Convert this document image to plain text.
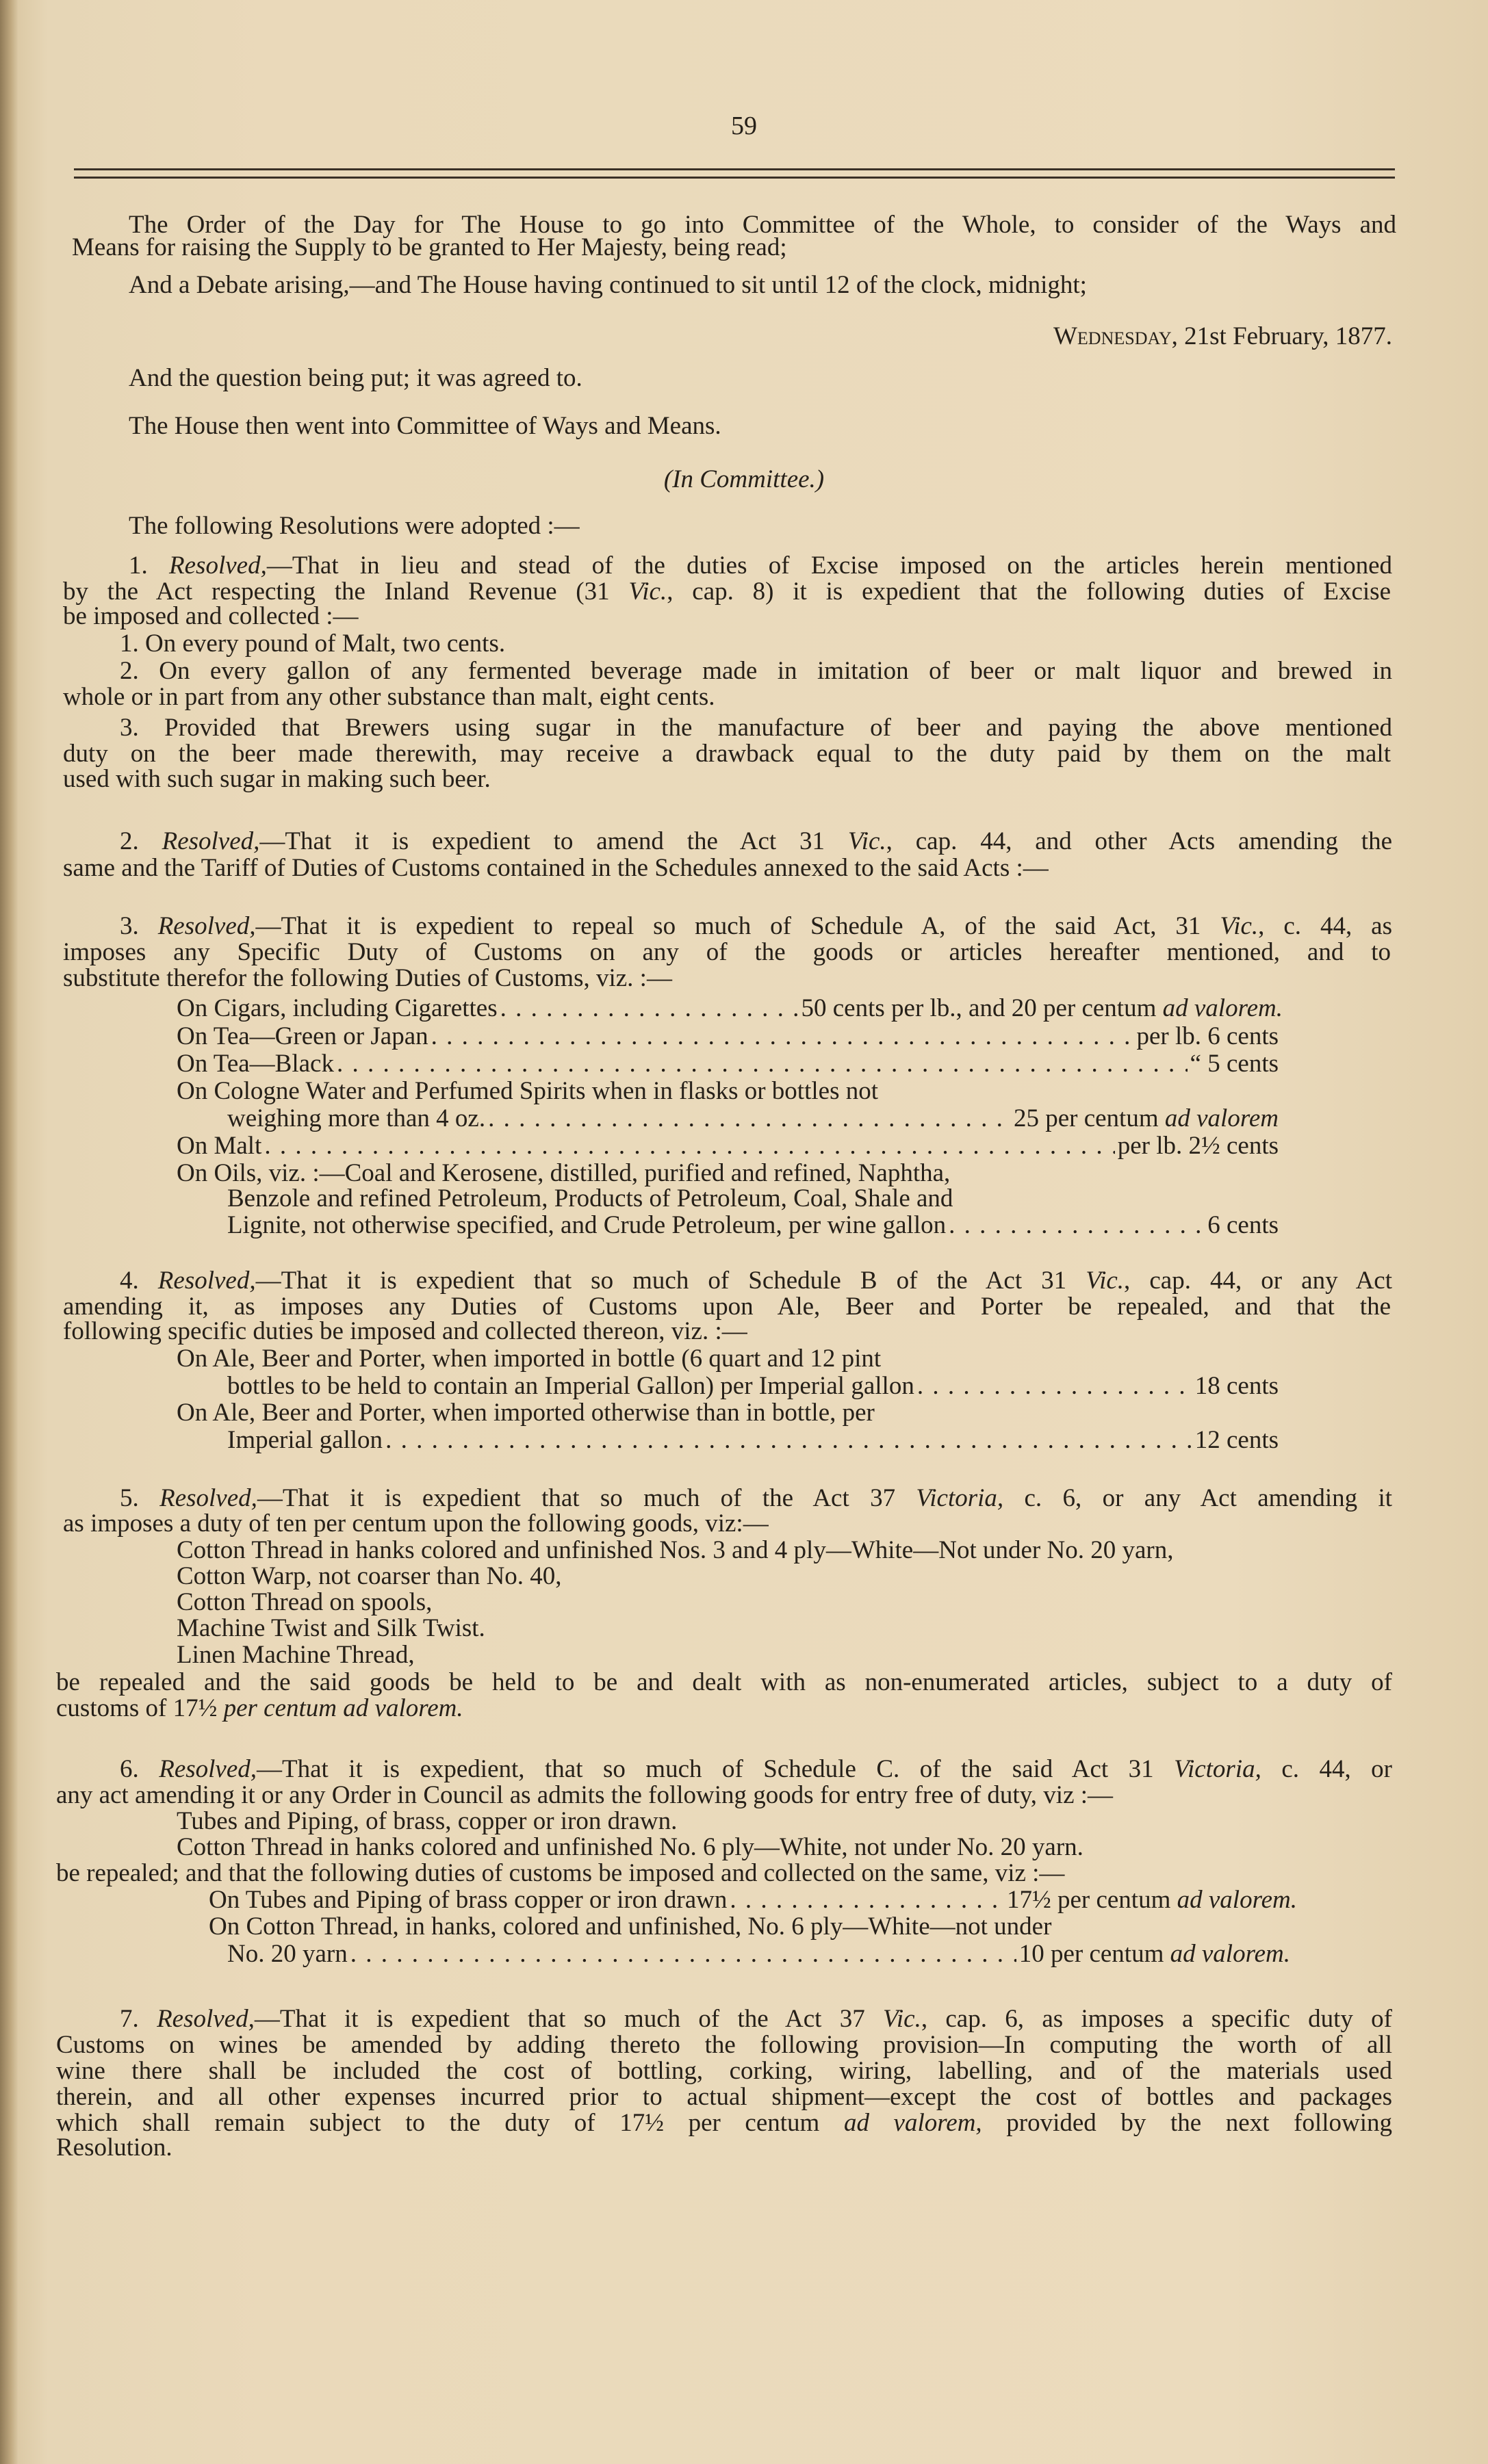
59
The Order of the Day for The House to go into Committee of the Whole, to consider of the Ways and
Means for raising the Supply to be granted to Her Majesty, being read;
And a Debate arising,—and The House having continued to sit until 12 of the clock, midnight;
Wednesday, 21st February, 1877.
And the question being put; it was agreed to.
The House then went into Committee of Ways and Means.
(In Committee.)
The following Resolutions were adopted :—
1. Resolved,—That in lieu and stead of the duties of Excise imposed on the articles herein mentioned
by the Act respecting the Inland Revenue (31 Vic., cap. 8) it is expedient that the following duties of Excise
be imposed and collected :—
1. On every pound of Malt, two cents.
2. On every gallon of any fermented beverage made in imitation of beer or malt liquor and brewed in
whole or in part from any other substance than malt, eight cents.
3. Provided that Brewers using sugar in the manufacture of beer and paying the above mentioned
duty on the beer made therewith, may receive a drawback equal to the duty paid by them on the malt
used with such sugar in making such beer.
2. Resolved,—That it is expedient to amend the Act 31 Vic., cap. 44, and other Acts amending the
same and the Tariff of Duties of Customs contained in the Schedules annexed to the said Acts :—
3. Resolved,—That it is expedient to repeal so much of Schedule A, of the said Act, 31 Vic., c. 44, as
imposes any Specific Duty of Customs on any of the goods or articles hereafter mentioned, and to
substitute therefor the following Duties of Customs, viz. :—
On Cigars, including Cigarettes . . .	50 cents per lb., and 20 per centum ad valorem.
On Tea—Green or Japan . . .	per lb. 6 cents
On Tea—Black . . .	“ 5 cents
On Cologne Water and Perfumed Spirits when in flasks or bottles not
weighing more than 4 oz. . . .	25 per centum ad valorem
On Malt . . .	per lb. 2½ cents
On Oils, viz. :—Coal and Kerosene, distilled, purified and refined, Naphtha,
Benzole and refined Petroleum, Products of Petroleum, Coal, Shale and
Lignite, not otherwise specified, and Crude Petroleum, per wine gallon . . .	6 cents
4. Resolved,—That it is expedient that so much of Schedule B of the Act 31 Vic., cap. 44, or any Act
amending it, as imposes any Duties of Customs upon Ale, Beer and Porter be repealed, and that the
following specific duties be imposed and collected thereon, viz. :—
On Ale, Beer and Porter, when imported in bottle (6 quart and 12 pint
bottles to be held to contain an Imperial Gallon) per Imperial gallon . . .	18 cents
On Ale, Beer and Porter, when imported otherwise than in bottle, per
Imperial gallon . . .	12 cents
5. Resolved,—That it is expedient that so much of the Act 37 Victoria, c. 6, or any Act amending it
as imposes a duty of ten per centum upon the following goods, viz:—
Cotton Thread in hanks colored and unfinished Nos. 3 and 4 ply—White—Not under No. 20 yarn,
Cotton Warp, not coarser than No. 40,
Cotton Thread on spools,
Machine Twist and Silk Twist.
Linen Machine Thread,
be repealed and the said goods be held to be and dealt with as non-enumerated articles, subject to a duty of
customs of 17½ per centum ad valorem.
6. Resolved,—That it is expedient, that so much of Schedule C. of the said Act 31 Victoria, c. 44, or
any act amending it or any Order in Council as admits the following goods for entry free of duty, viz :—
Tubes and Piping, of brass, copper or iron drawn.
Cotton Thread in hanks colored and unfinished No. 6 ply—White, not under No. 20 yarn.
be repealed; and that the following duties of customs be imposed and collected on the same, viz :—
On Tubes and Piping of brass copper or iron drawn . . .	17½ per centum ad valorem.
On Cotton Thread, in hanks, colored and unfinished, No. 6 ply—White—not under
No. 20 yarn . . .	10 per centum ad valorem.
7. Resolved,—That it is expedient that so much of the Act 37 Vic., cap. 6, as imposes a specific duty of
Customs on wines be amended by adding thereto the following provision—In computing the worth of all
wine there shall be included the cost of bottling, corking, wiring, labelling, and of the materials used
therein, and all other expenses incurred prior to actual shipment—except the cost of bottles and packages
which shall remain subject to the duty of 17½ per centum ad valorem, provided by the next following
Resolution.
